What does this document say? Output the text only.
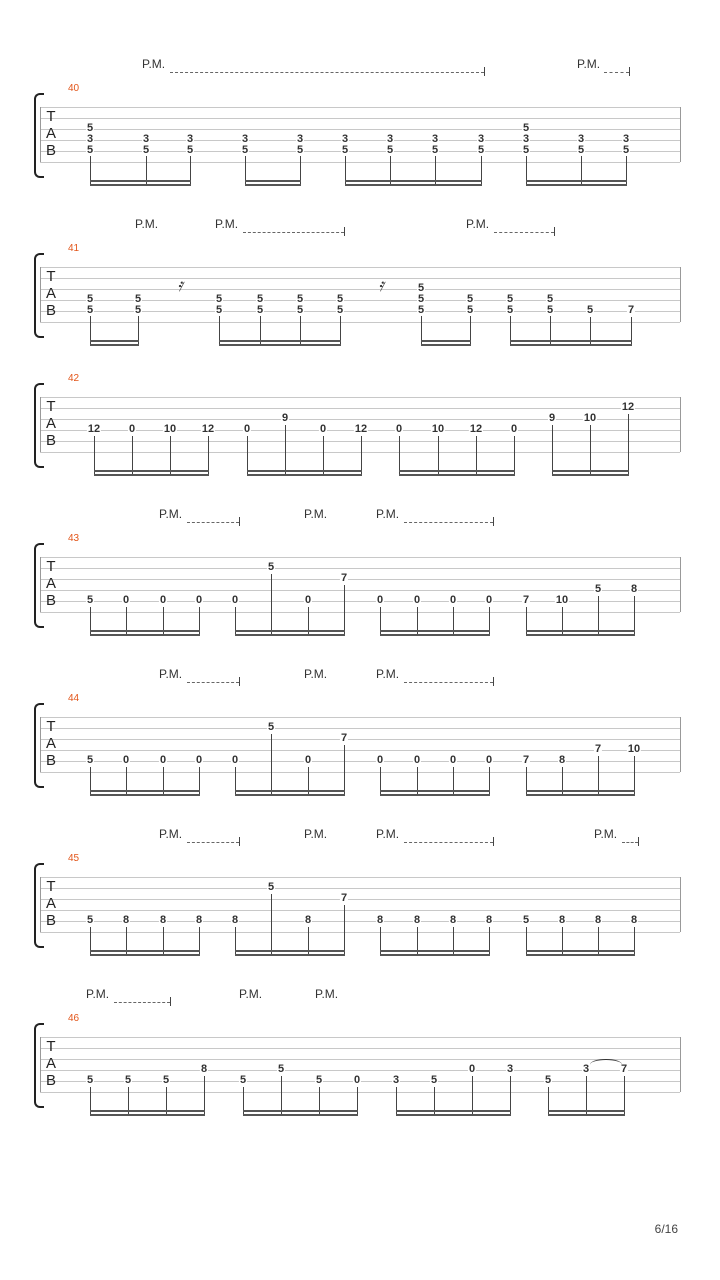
P.M.	P.M.
40
T
A
B
5
3
5
3
5
3
5
3
5
3
5
3
5
3
5
3
5
3
5
5
3
5
3
5
3
5
P.M.	P.M.	P.M.
41
T
A
B
5
5
5
5
5
5
5
5
5
5
5
5
5
5
5
5
5
5
5
5
5	5	7
𝄿	𝄿
42
T
A
B
12	0	10 12	0
9
0	12	0	10 12	0
9	10
12
P.M.	P.M.	P.M.
43
T
A
B	5	0	0	0	0
5
0
7
0	0	0	0	7 10
5	8
P.M.	P.M.	P.M.
44
T
A
B	5	0	0	0	0
5
0
7
0	0	0	0	7	8
7 10
P.M.	P.M.	P.M.	P.M.
45
T
A
B	5	8	8	8	8
5
8
7
8	8	8	8	5	8	8	8
P.M.	P.M.	P.M.
46
T
A
B	5	5	5
8
5
5
5	0	3	5
0	3
5
3	7
6/16
